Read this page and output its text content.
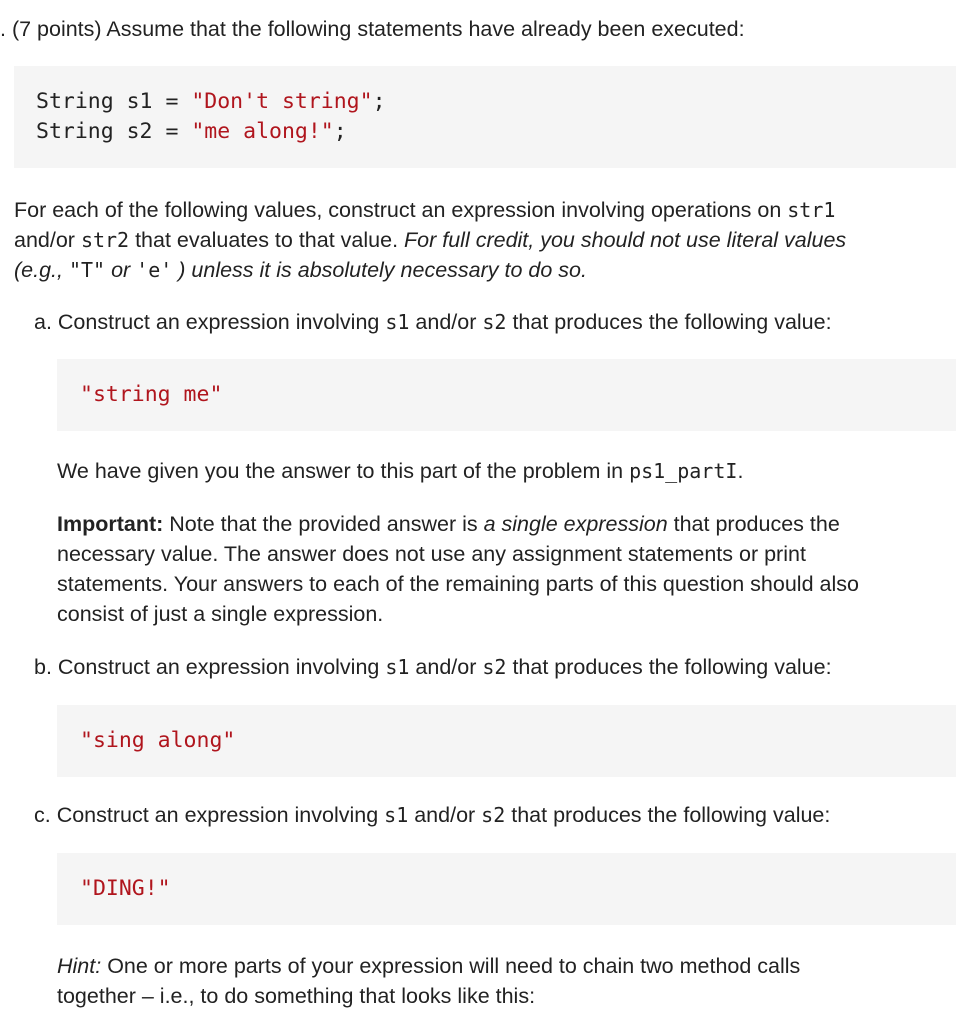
. (7 points) Assume that the following statements have already been executed:
String s1 = "Don't string";
String s2 = "me along!";
For each of the following values, construct an expression involving operations on str1
and/or str2 that evaluates to that value. For full credit, you should not use literal values
(e.g., "T" or 'e' ) unless it is absolutely necessary to do so.
a. Construct an expression involving s1 and/or s2 that produces the following value:
"string me"
We have given you the answer to this part of the problem in ps1_partI.
Important: Note that the provided answer is a single expression that produces the
necessary value. The answer does not use any assignment statements or print
statements. Your answers to each of the remaining parts of this question should also
consist of just a single expression.
b. Construct an expression involving s1 and/or s2 that produces the following value:
"sing along"
c. Construct an expression involving s1 and/or s2 that produces the following value:
"DING!"
Hint: One or more parts of your expression will need to chain two method calls
together – i.e., to do something that looks like this:
